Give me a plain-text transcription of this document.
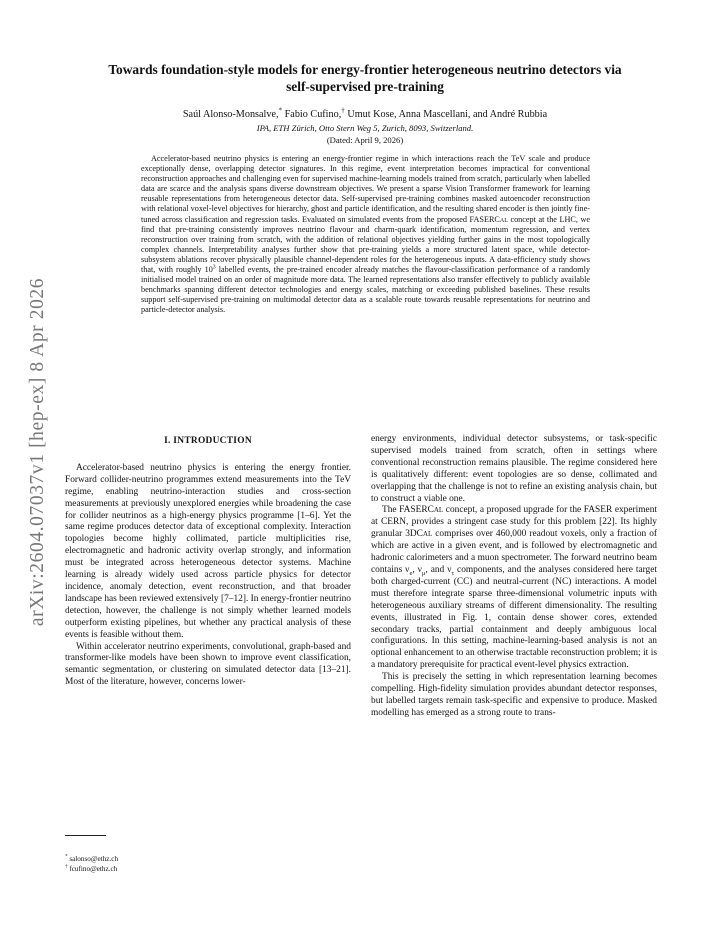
arXiv:2604.07037v1 [hep-ex] 8 Apr 2026
Towards foundation-style models for energy-frontier heterogeneous neutrino detectors via self-supervised pre-training

Saúl Alonso-Monsalve,* Fabio Cufino,† Umut Kose, Anna Mascellani, and André Rubbia

IPA, ETH Zürich, Otto Stern Weg 5, Zurich, 8093, Switzerland.

(Dated: April 9, 2026)

Accelerator-based neutrino physics is entering an energy-frontier regime in which interactions reach the TeV scale and produce exceptionally dense, overlapping detector signatures. In this regime, event interpretation becomes impractical for conventional reconstruction approaches and challenging even for supervised machine-learning models trained from scratch, particularly when labelled data are scarce and the analysis spans diverse downstream objectives. We present a sparse Vision Transformer framework for learning reusable representations from heterogeneous detector data. Self-supervised pre-training combines masked autoencoder reconstruction with relational voxel-level objectives for hierarchy, ghost and particle identification, and the resulting shared encoder is then jointly fine-tuned across classification and regression tasks. Evaluated on simulated events from the proposed FASERCal concept at the LHC, we find that pre-training consistently improves neutrino flavour and charm-quark identification, momentum regression, and vertex reconstruction over training from scratch, with the addition of relational objectives yielding further gains in the most topologically complex channels. Interpretability analyses further show that pre-training yields a more structured latent space, while detector-subsystem ablations recover physically plausible channel-dependent roles for the heterogeneous inputs. A data-efficiency study shows that, with roughly $10^3$ labelled events, the pre-trained encoder already matches the flavour-classification performance of a randomly initialised model trained on an order of magnitude more data. The learned representations also transfer effectively to publicly available benchmarks spanning different detector technologies and energy scales, matching or exceeding published baselines. These results support self-supervised pre-training on multimodal detector data as a scalable route towards reusable representations for neutrino and particle-detector analysis.

I. INTRODUCTION

Accelerator-based neutrino physics is entering the energy frontier. Forward collider-neutrino programmes extend measurements into the TeV regime, enabling neutrino-interaction studies and cross-section measurements at previously unexplored energies while broadening the case for collider neutrinos as a high-energy physics programme [1–6]. Yet the same regime produces detector data of exceptional complexity. Interaction topologies become highly collimated, particle multiplicities rise, electromagnetic and hadronic activity overlap strongly, and information must be integrated across heterogeneous detector systems. Machine learning is already widely used across particle physics for detector incidence, anomaly detection, event reconstruction, and that broader landscape has been reviewed extensively [7–12]. In energy-frontier neutrino detection, however, the challenge is not simply whether learned models outperform existing pipelines, but whether any practical analysis of these events is feasible without them.

Within accelerator neutrino experiments, convolutional, graph-based and transformer-like models have been shown to improve event classification, semantic segmentation, or clustering on simulated detector data [13–21]. Most of the literature, however, concerns lower-

energy environments, individual detector subsystems, or task-specific supervised models trained from scratch, often in settings where conventional reconstruction remains plausible. The regime considered here is qualitatively different: event topologies are so dense, collimated and overlapping that the challenge is not to refine an existing analysis chain, but to construct a viable one.

The FASERCal concept, a proposed upgrade for the FASER experiment at CERN, provides a stringent case study for this problem [22]. Its highly granular 3DCal comprises over 460,000 readout voxels, only a fraction of which are active in a given event, and is followed by electromagnetic and hadronic calorimeters and a muon spectrometer. The forward neutrino beam contains $\nu_e$, $\nu_\mu$, and $\nu_\tau$ components, and the analyses considered here target both charged-current (CC) and neutral-current (NC) interactions. A model must therefore integrate sparse three-dimensional volumetric inputs with heterogeneous auxiliary streams of different dimensionality. The resulting events, illustrated in Fig. 1, contain dense shower cores, extended secondary tracks, partial containment and deeply ambiguous local configurations. In this setting, machine-learning-based analysis is not an optional enhancement to an otherwise tractable reconstruction problem; it is a mandatory prerequisite for practical event-level physics extraction.

This is precisely the setting in which representation learning becomes compelling. High-fidelity simulation provides abundant detector responses, but labelled targets remain task-specific and expensive to produce. Masked modelling has emerged as a strong route to trans-

* salonso@ethz.ch
† fcufino@ethz.ch
